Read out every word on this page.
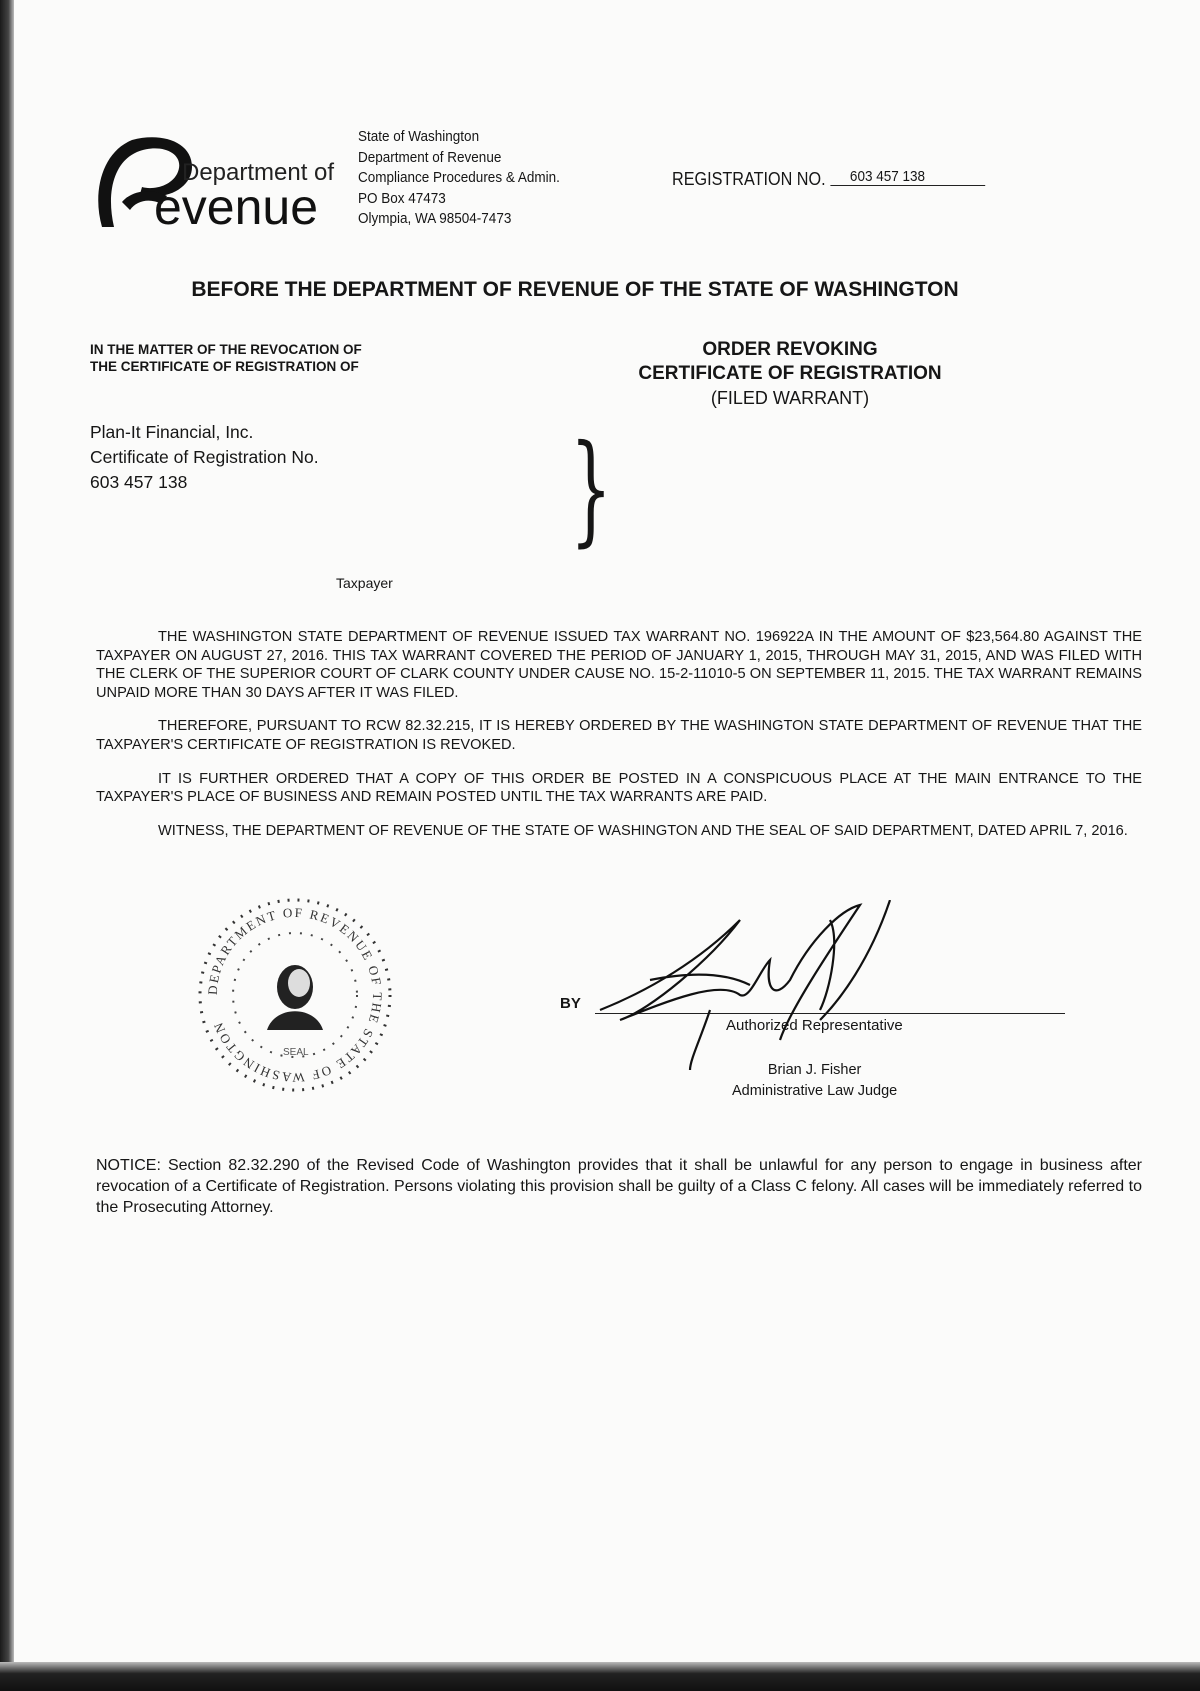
Department of
evenue
State of Washington
Department of Revenue
Compliance Procedures & Admin.
PO Box 47473
Olympia, WA 98504-7473
REGISTRATION NO. 603 457 138
BEFORE THE DEPARTMENT OF REVENUE OF THE STATE OF WASHINGTON
IN THE MATTER OF THE REVOCATION OF
THE CERTIFICATE OF REGISTRATION OF
ORDER REVOKING
CERTIFICATE OF REGISTRATION
(FILED WARRANT)
Plan-It Financial, Inc.
Certificate of Registration No.
603 457 138	}
Taxpayer

THE WASHINGTON STATE DEPARTMENT OF REVENUE ISSUED TAX WARRANT NO. 196922A IN THE AMOUNT OF $23,564.80 AGAINST THE TAXPAYER ON AUGUST 27, 2016. THIS TAX WARRANT COVERED THE PERIOD OF JANUARY 1, 2015, THROUGH MAY 31, 2015, AND WAS FILED WITH THE CLERK OF THE SUPERIOR COURT OF CLARK COUNTY UNDER CAUSE NO. 15-2-11010-5 ON SEPTEMBER 11, 2015. THE TAX WARRANT REMAINS UNPAID MORE THAN 30 DAYS AFTER IT WAS FILED.

THEREFORE, PURSUANT TO RCW 82.32.215, IT IS HEREBY ORDERED BY THE WASHINGTON STATE DEPARTMENT OF REVENUE THAT THE TAXPAYER'S CERTIFICATE OF REGISTRATION IS REVOKED.

IT IS FURTHER ORDERED THAT A COPY OF THIS ORDER BE POSTED IN A CONSPICUOUS PLACE AT THE MAIN ENTRANCE TO THE TAXPAYER'S PLACE OF BUSINESS AND REMAIN POSTED UNTIL THE TAX WARRANTS ARE PAID.

WITNESS, THE DEPARTMENT OF REVENUE OF THE STATE OF WASHINGTON AND THE SEAL OF SAID DEPARTMENT, DATED APRIL 7, 2016.

DEPARTMENT OF REVENUE OF THE STATE OF WASHINGTON
SEAL
BY
Authorized Representative
Brian J. Fisher
Administrative Law Judge
NOTICE: Section 82.32.290 of the Revised Code of Washington provides that it shall be unlawful for any person to engage in business after revocation of a Certificate of Registration. Persons violating this provision shall be guilty of a Class C felony. All cases will be immediately referred to the Prosecuting Attorney.
